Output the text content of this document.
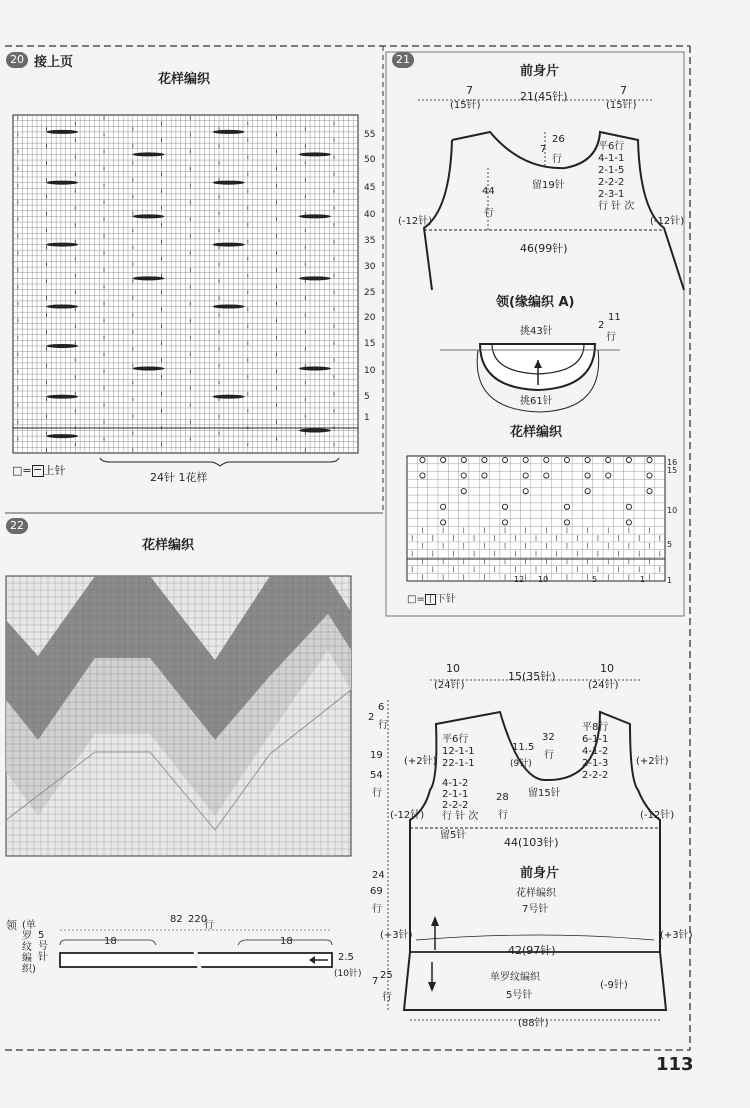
20 接上页
花样编织
55
50
45
40
35
30
25
20
15
10
5
1
24针 1花样
□=−上针
21
前身片
7
(15针)
21(45针)	7
(15针)
7
26
行
平6行
4-1-1
2-1-5
2-2-2
2-3-1
行 针 次
留19针
44
行
(-12针)	(-12针)
46(99针)
领(缘编织 A)
挑43针
2
11
行
挑61针
花样编织
16
15
10
5
1
12 10	5	1
□= | 下针
22
花样编织
领 (单罗纹编织)
5号针
18	18
82 220
行
2.5
(10针)
10
(24针)
15(35针)
10
(24针)
2
6
行
19
54
行
(+2针)	(+2针)
平6行
12-1-1
22-1-1
4-1-2
2-1-1
2-2-2
行 针 次
留5针
11.5
(9针)
32
行
28
行
留15针
平8行
6-1-1
4-1-2
2-1-3
2-2-2
(-12针)	(-12针)
44(103针)
前身片
花样编织
7号针
24
69
行
(+3针)	(+3针)
42(97针)
单罗纹编织
5号针
7
25
行
(-9针)
(88针)
113
